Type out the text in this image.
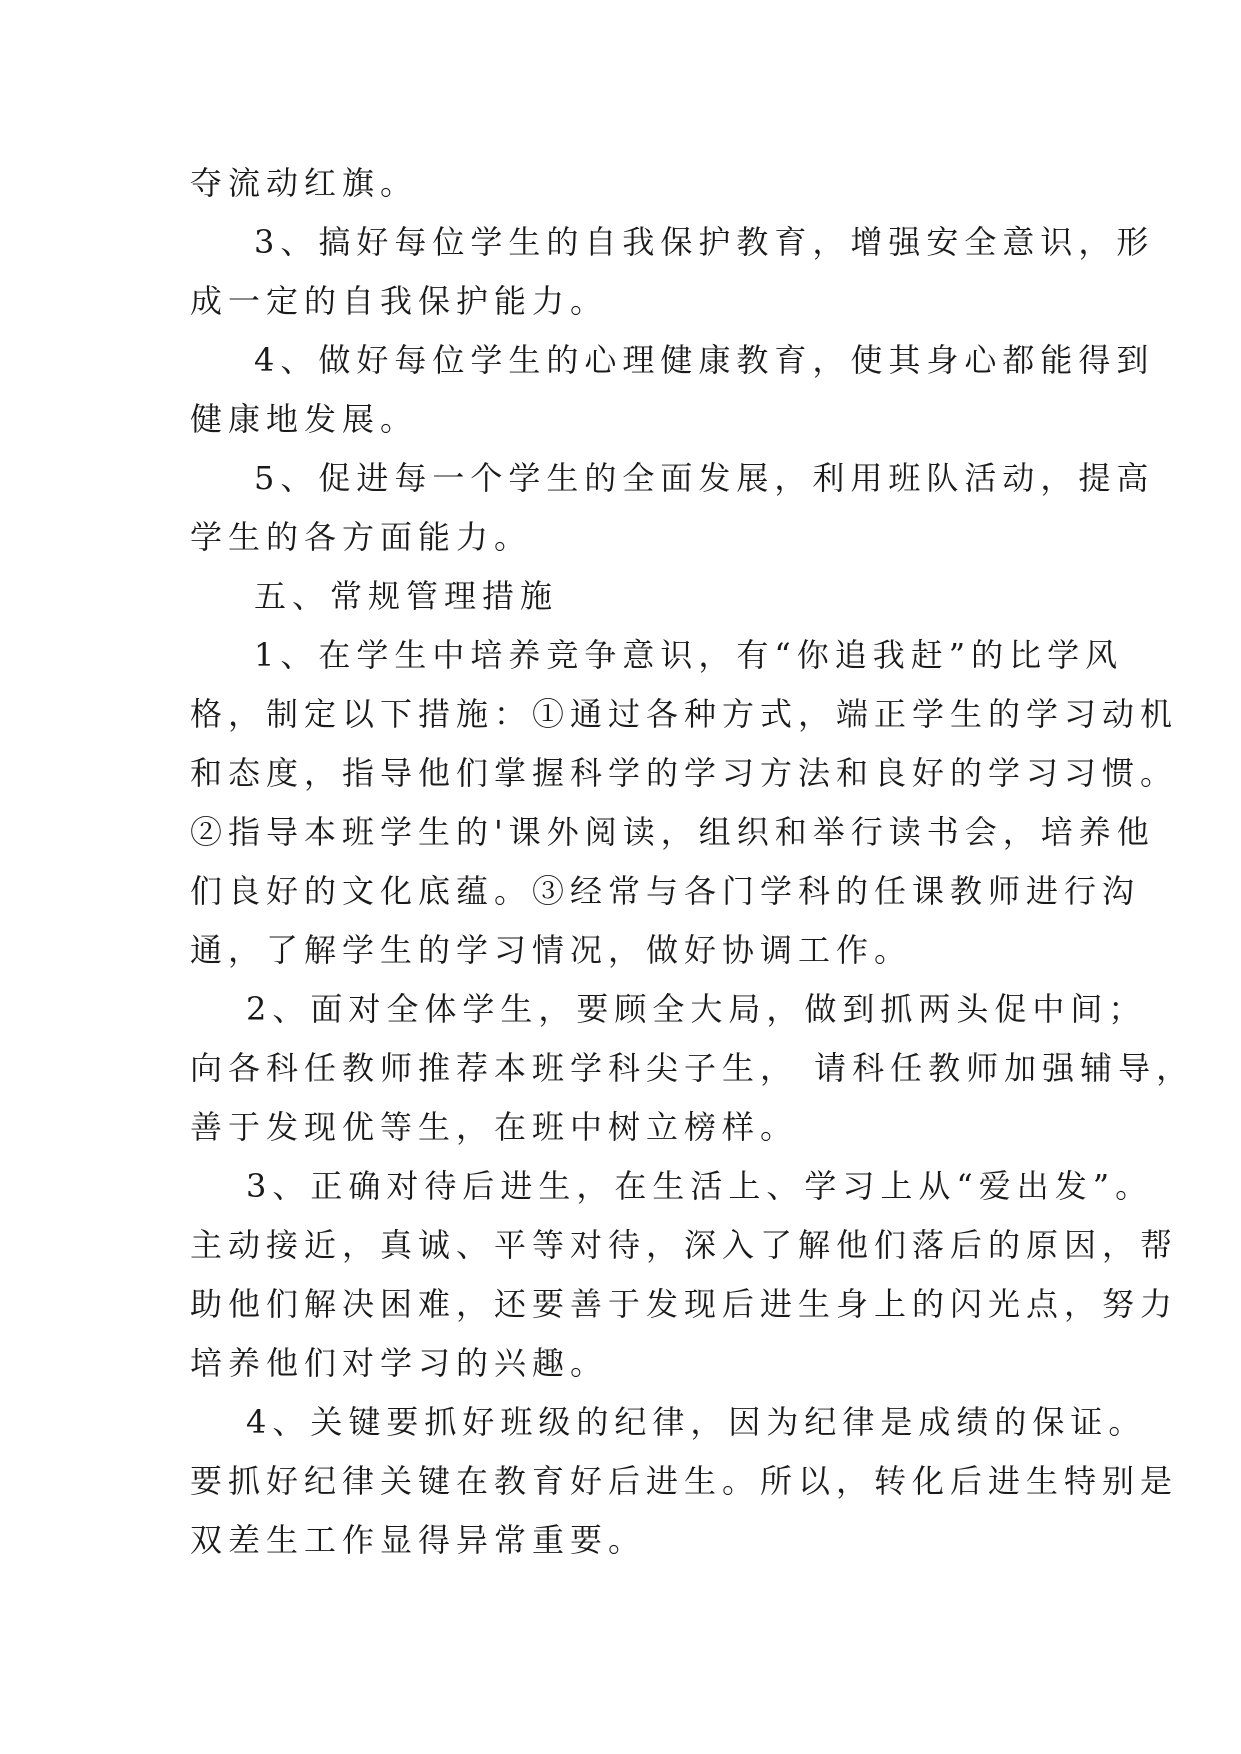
夺流动红旗。
3、搞好每位学生的自我保护教育，增强安全意识，形
成一定的自我保护能力。
4、做好每位学生的心理健康教育，使其身心都能得到
健康地发展。
5、促进每一个学生的全面发展，利用班队活动，提高
学生的各方面能力。
五、常规管理措施
1、在学生中培养竞争意识，有“你追我赶”的比学风
格，制定以下措施：①通过各种方式，端正学生的学习动机
和态度，指导他们掌握科学的学习方法和良好的学习习惯。
②指导本班学生的'课外阅读，组织和举行读书会，培养他
们良好的文化底蕴。③经常与各门学科的任课教师进行沟
通，了解学生的学习情况，做好协调工作。
2、面对全体学生，要顾全大局，做到抓两头促中间；
向各科任教师推荐本班学科尖子生， 请科任教师加强辅导，
善于发现优等生，在班中树立榜样。
3、正确对待后进生，在生活上、学习上从“爱出发”。
主动接近，真诚、平等对待，深入了解他们落后的原因，帮
助他们解决困难，还要善于发现后进生身上的闪光点，努力
培养他们对学习的兴趣。
4、关键要抓好班级的纪律，因为纪律是成绩的保证。
要抓好纪律关键在教育好后进生。所以，转化后进生特别是
双差生工作显得异常重要。
